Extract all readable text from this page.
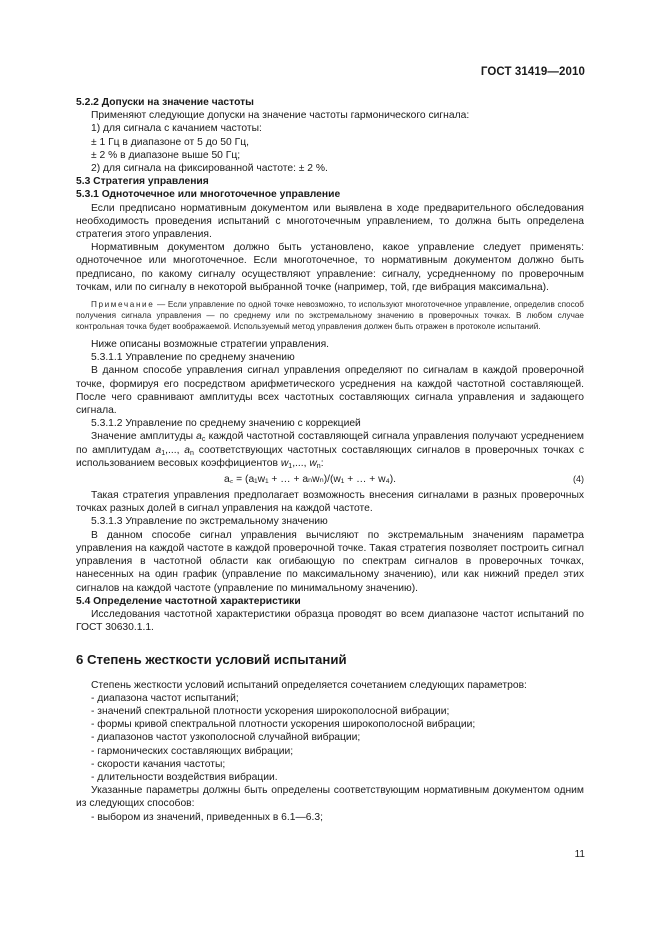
ГОСТ 31419—2010

5.2.2 Допуски на значение частоты

Применяют следующие допуски на значение частоты гармонического сигнала:

1) для сигнала с качанием частоты:

± 1 Гц в диапазоне от 5 до 50 Гц,

± 2 % в диапазоне выше 50 Гц;

2) для сигнала на фиксированной частоте: ± 2 %.

5.3 Стратегия управления

5.3.1 Одноточечное или многоточечное управление

Если предписано нормативным документом или выявлена в ходе предварительного обследования необходимость проведения испытаний с многоточечным управлением, то должна быть определена стратегия этого управления.

Нормативным документом должно быть установлено, какое управление следует применять: одноточечное или многоточечное. Если многоточечное, то нормативным документом должно быть предписано, по какому сигналу осуществляют управление: сигналу, усредненному по проверочным точкам, или по сигналу в некоторой выбранной точке (например, той, где вибрация максимальна).

Примечание — Если управление по одной точке невозможно, то используют многоточечное управление, определив способ получения сигнала управления — по среднему или по экстремальному значению в проверочных точках. В любом случае контрольная точка будет воображаемой. Используемый метод управления должен быть отражен в протоколе испытаний.

Ниже описаны возможные стратегии управления.

5.3.1.1 Управление по среднему значению

В данном способе управления сигнал управления определяют по сигналам в каждой проверочной точке, формируя его посредством арифметического усреднения на каждой частотной составляющей. После чего сравнивают амплитуды всех частотных составляющих сигнала управления и задающего сигнала.

5.3.1.2 Управление по среднему значению с коррекцией

Значение амплитуды $a_c$ каждой частотной составляющей сигнала управления получают усреднением по амплитудам $a_1$,..., $a_n$ соответствующих частотных составляющих сигналов в проверочных точках с использованием весовых коэффициентов $w_1$,..., $w_n$:

a꜀ = (a₁w₁ + … + aₙwₙ)/(w₁ + … + w₄).	(4)

Такая стратегия управления предполагает возможность внесения сигналами в разных проверочных точках разных долей в сигнал управления на каждой частоте.

5.3.1.3 Управление по экстремальному значению

В данном способе сигнал управления вычисляют по экстремальным значениям параметра управления на каждой частоте в каждой проверочной точке. Такая стратегия позволяет построить сигнал управления в частотной области как огибающую по спектрам сигналов в проверочных точках, нанесенных на один график (управление по максимальному значению), или как нижний предел этих сигналов на каждой частоте (управление по минимальному значению).

5.4 Определение частотной характеристики

Исследования частотной характеристики образца проводят во всем диапазоне частот испытаний по ГОСТ 30630.1.1.

6 Степень жесткости условий испытаний

Степень жесткости условий испытаний определяется сочетанием следующих параметров:

- диапазона частот испытаний;

- значений спектральной плотности ускорения широкополосной вибрации;

- формы кривой спектральной плотности ускорения широкополосной вибрации;

- диапазонов частот узкополосной случайной вибрации;

- гармонических составляющих вибрации;

- скорости качания частоты;

- длительности воздействия вибрации.

Указанные параметры должны быть определены соответствующим нормативным документом одним из следующих способов:

- выбором из значений, приведенных в 6.1—6.3;

11
